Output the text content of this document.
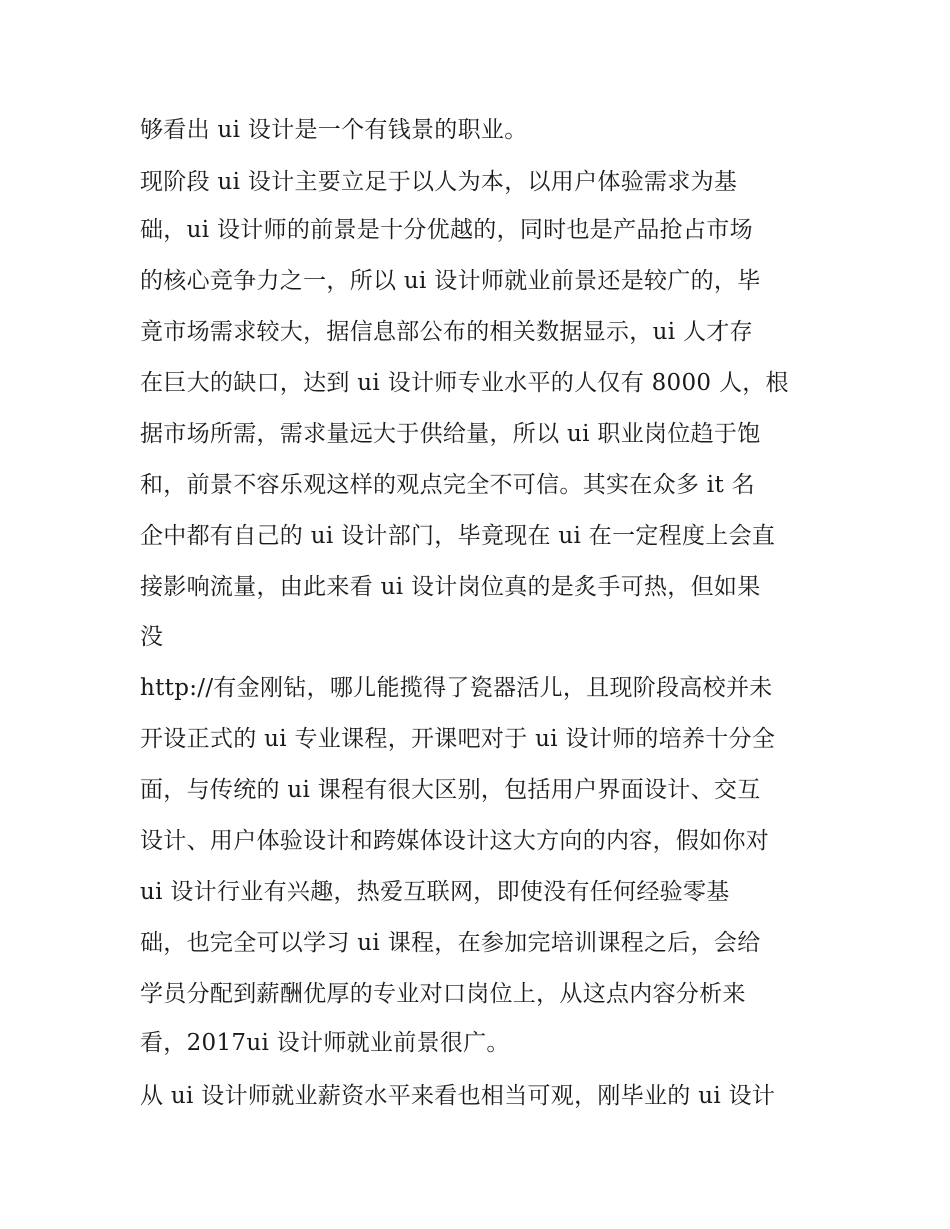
够看出 ui 设计是一个有钱景的职业。
现阶段 ui 设计主要立足于以人为本，以用户体验需求为基
础，ui 设计师的前景是十分优越的，同时也是产品抢占市场
的核心竞争力之一，所以 ui 设计师就业前景还是较广的，毕
竟市场需求较大，据信息部公布的相关数据显示，ui 人才存
在巨大的缺口，达到 ui 设计师专业水平的人仅有 8000 人，根
据市场所需，需求量远大于供给量，所以 ui 职业岗位趋于饱
和，前景不容乐观这样的观点完全不可信。其实在众多 it 名
企中都有自己的 ui 设计部门，毕竟现在 ui 在一定程度上会直
接影响流量，由此来看 ui 设计岗位真的是炙手可热，但如果
没
http://有金刚钻，哪儿能揽得了瓷器活儿，且现阶段高校并未
开设正式的 ui 专业课程，开课吧对于 ui 设计师的培养十分全
面，与传统的 ui 课程有很大区别，包括用户界面设计、交互
设计、用户体验设计和跨媒体设计这大方向的内容，假如你对
ui 设计行业有兴趣，热爱互联网，即使没有任何经验零基
础，也完全可以学习 ui 课程，在参加完培训课程之后，会给
学员分配到薪酬优厚的专业对口岗位上，从这点内容分析来
看，2017ui 设计师就业前景很广。
从 ui 设计师就业薪资水平来看也相当可观，刚毕业的 ui 设计
